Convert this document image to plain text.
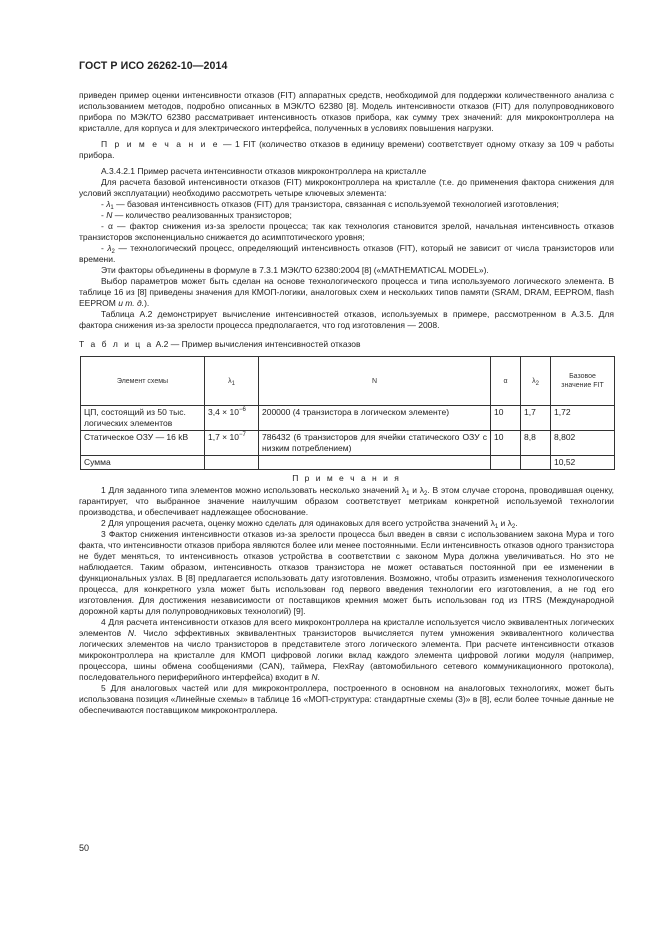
ГОСТ Р ИСО 26262-10—2014

приведен пример оценки интенсивности отказов (FIT) аппаратных средств, необходимой для поддержки количественного анализа с использованием методов, подробно описанных в МЭК/ТО 62380 [8]. Модель интенсивности отказов (FIT) для полупроводникового прибора по МЭК/ТО 62380 рассматривает интенсивность отказов прибора, как сумму трех значений: для микроконтроллера на кристалле, для корпуса и для электрического интерфейса, полученных в условиях повышения нагрузки.

П р и м е ч а н и е — 1 FIT (количество отказов в единицу времени) соответствует одному отказу за 109 ч работы прибора.

А.3.4.2.1 Пример расчета интенсивности отказов микроконтроллера на кристалле

Для расчета базовой интенсивности отказов (FIT) микроконтроллера на кристалле (т.е. до применения фактора снижения для условий эксплуатации) необходимо рассмотреть четыре ключевых элемента:

- $\lambda_1$ — базовая интенсивность отказов (FIT) для транзистора, связанная с используемой технологией изготовления;

- N — количество реализованных транзисторов;

- α — фактор снижения из-за зрелости процесса; так как технология становится зрелой, начальная интенсивность отказов транзисторов экспоненциально снижается до асимптотического уровня;

- $\lambda_2$ — технологический процесс, определяющий интенсивность отказов (FIT), который не зависит от числа транзисторов или времени.

Эти факторы объединены в формуле в 7.3.1 МЭК/ТО 62380:2004 [8] («MATHEMATICAL MODEL»).

Выбор параметров может быть сделан на основе технологического процесса и типа используемого логического элемента. В таблице 16 из [8] приведены значения для КМОП-логики, аналоговых схем и нескольких типов памяти (SRAM, DRAM, EEPROM, flash EEPROM и т. д.).

Таблица А.2 демонстрирует вычисление интенсивностей отказов, используемых в примере, рассмотренном в А.3.5. Для фактора снижения из-за зрелости процесса предполагается, что год изготовления — 2008.

Т а б л и ц а А.2 — Пример вычисления интенсивностей отказов

Элемент схемы	$\lambda_1$	N	α	$\lambda_2$	Базовое значение FIT
ЦП, состоящий из 50 тыс. логических элементов	$3,4 \times 10^{-6}$	200000 (4 транзистора в логическом элементе)	10	1,7	1,72
Статическое ОЗУ — 16 kB	$1,7 \times 10^{-7}$	786432 (6 транзисторов для ячейки статического ОЗУ с низким потреблением)	10	8,8	8,802
Сумма					10,52

П р и м е ч а н и я

1 Для заданного типа элементов можно использовать несколько значений $\lambda_1$ и $\lambda_2$. В этом случае сторона, проводившая оценку, гарантирует, что выбранное значение наилучшим образом соответствует метрикам конкретной используемой технологии производства, и обеспечивает надлежащее обоснование.

2 Для упрощения расчета, оценку можно сделать для одинаковых для всего устройства значений $\lambda_1$ и $\lambda_2$.

3 Фактор снижения интенсивности отказов из-за зрелости процесса был введен в связи с использованием закона Мура и того факта, что интенсивности отказов прибора являются более или менее постоянными. Если интенсивность отказов одного транзистора не будет меняться, то интенсивность отказов устройства в соответствии с законом Мура должна увеличиваться. Но это не наблюдается. Таким образом, интенсивность отказов транзистора не может оставаться постоянной при ее изменении в функциональных узлах. В [8] предлагается использовать дату изготовления. Возможно, чтобы отразить изменения технологического процесса, для конкретного узла может быть использован год первого введения технологии его изготовления, а не год его изготовления. Для достижения независимости от поставщиков кремния может быть использован год из ITRS (Международной дорожной карты для полупроводниковых технологий) [9].

4 Для расчета интенсивности отказов для всего микроконтроллера на кристалле используется число эквивалентных логических элементов N. Число эффективных эквивалентных транзисторов вычисляется путем умножения эквивалентного количества логических элементов на число транзисторов в представителе этого логического элемента. При расчете интенсивности отказов микроконтроллера на кристалле для КМОП цифровой логики вклад каждого элемента цифровой логики модуля (например, процессора, шины обмена сообщениями (CAN), таймера, FlexRay (автомобильного сетевого коммуникационного протокола), последовательного периферийного интерфейса) входит в N.

5 Для аналоговых частей или для микроконтроллера, построенного в основном на аналоговых технологиях, может быть использована позиция «Линейные схемы» в таблице 16 «МОП-структура: стандартные схемы (3)» в [8], если более точные данные не обеспечиваются поставщиком микроконтроллера.

50
